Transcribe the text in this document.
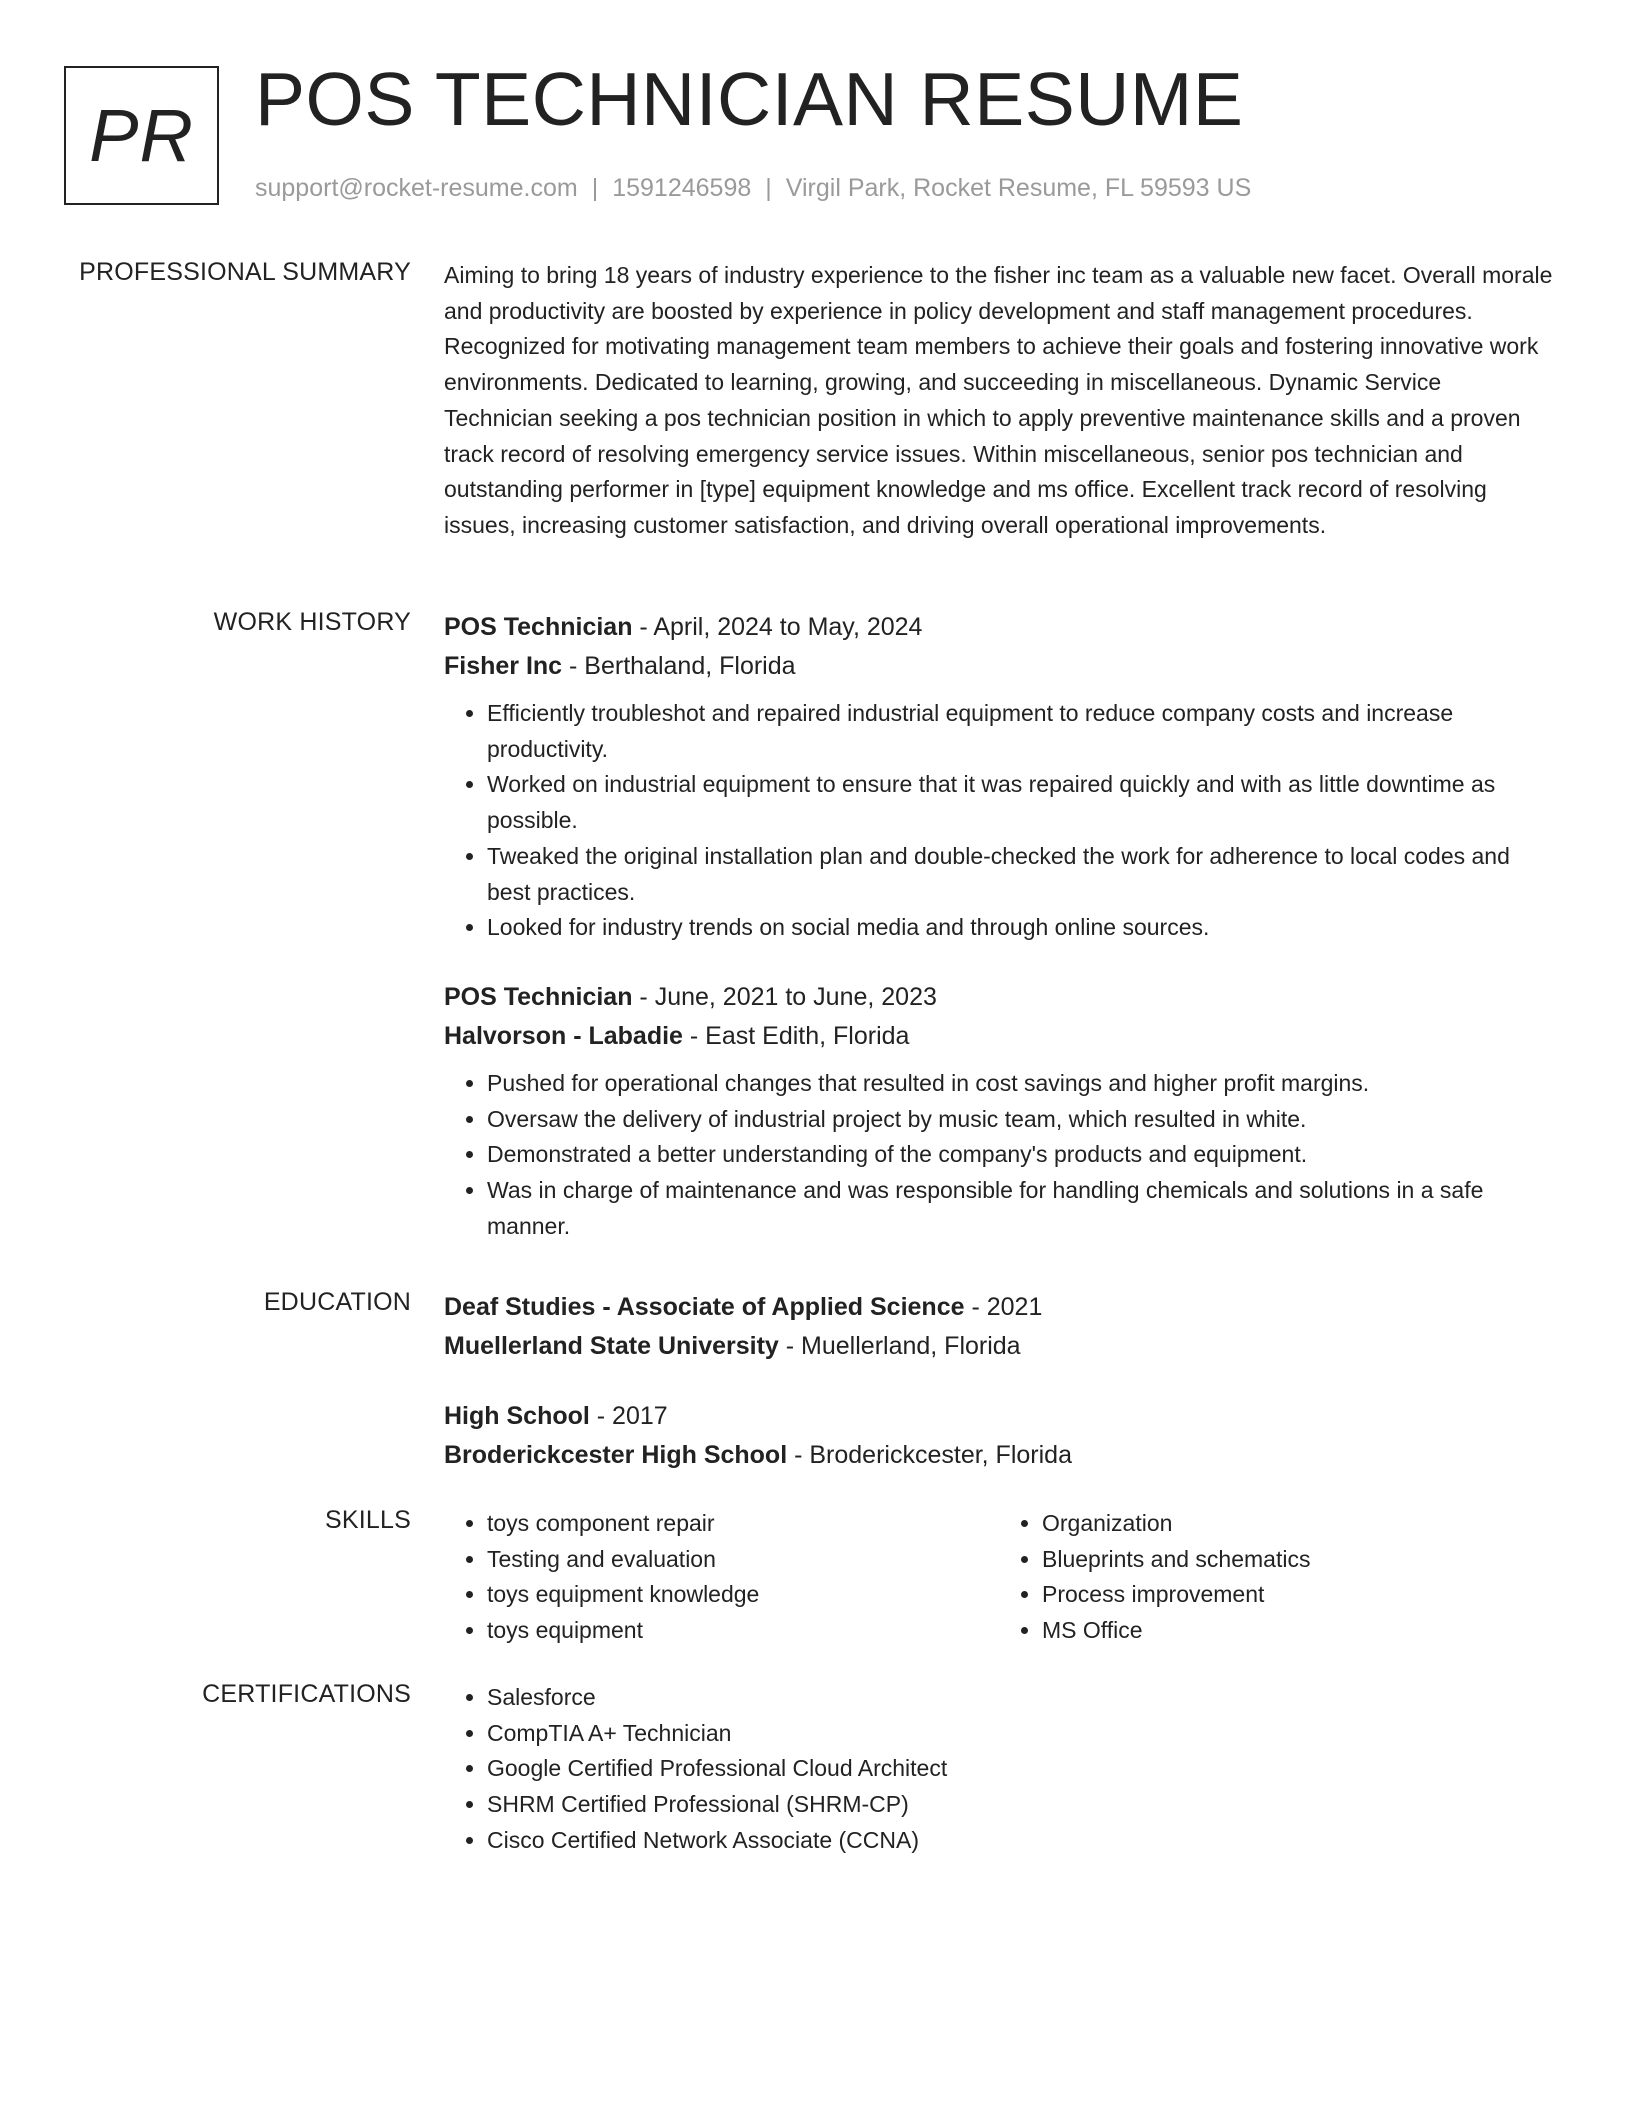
PR POS TECHNICIAN RESUME
support@rocket-resume.com | 1591246598 | Virgil Park, Rocket Resume, FL 59593 US
PROFESSIONAL SUMMARY Aiming to bring 18 years of industry experience to the fisher inc team as a valuable new facet. Overall morale and productivity are boosted by experience in policy development and staff management procedures. Recognized for motivating management team members to achieve their goals and fostering innovative work environments. Dedicated to learning, growing, and succeeding in miscellaneous. Dynamic Service Technician seeking a pos technician position in which to apply preventive maintenance skills and a proven track record of resolving emergency service issues. Within miscellaneous, senior pos technician and outstanding performer in [type] equipment knowledge and ms office. Excellent track record of resolving issues, increasing customer satisfaction, and driving overall operational improvements.

WORK HISTORY POS Technician - April, 2024 to May, 2024
Fisher Inc - Berthaland, Florida
• Efficiently troubleshot and repaired industrial equipment to reduce company costs and increase productivity.
• Worked on industrial equipment to ensure that it was repaired quickly and with as little downtime as possible.
• Tweaked the original installation plan and double-checked the work for adherence to local codes and best practices.
• Looked for industry trends on social media and through online sources.
POS Technician - June, 2021 to June, 2023
Halvorson - Labadie - East Edith, Florida
• Pushed for operational changes that resulted in cost savings and higher profit margins.
• Oversaw the delivery of industrial project by music team, which resulted in white.
• Demonstrated a better understanding of the company's products and equipment.
• Was in charge of maintenance and was responsible for handling chemicals and solutions in a safe manner.
EDUCATION Deaf Studies - Associate of Applied Science - 2021
Muellerland State University - Muellerland, Florida
High School - 2017
Broderickcester High School - Broderickcester, Florida
SKILLS	• toys component repair
• Testing and evaluation
• toys equipment knowledge
• toys equipment
• Organization
• Blueprints and schematics
• Process improvement
• MS Office
CERTIFICATIONS	• Salesforce
• CompTIA A+ Technician
• Google Certified Professional Cloud Architect
• SHRM Certified Professional (SHRM-CP)
• Cisco Certified Network Associate (CCNA)
